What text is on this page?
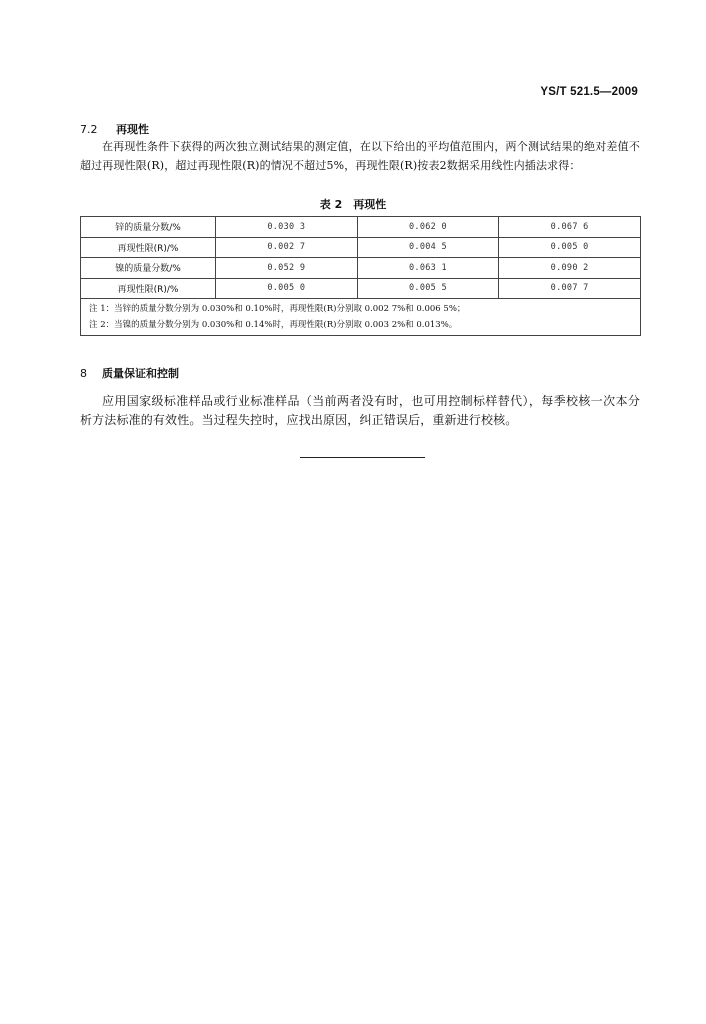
YS/T 521.5—2009
7.2 再现性
在再现性条件下获得的两次独立测试结果的测定值，在以下给出的平均值范围内，两个测试结果的绝对差值不超过再现性限(R)，超过再现性限(R)的情况不超过5%，再现性限(R)按表2数据采用线性内插法求得：
表 2　再现性
锌的质量分数/%	0.030 3	0.062 0	0.067 6
再现性限(R)/%	0.002 7	0.004 5	0.005 0
镍的质量分数/%	0.052 9	0.063 1	0.090 2
再现性限(R)/%	0.005 0	0.005 5	0.007 7

注 1：当锌的质量分数分别为 0.030%和 0.10%时，再现性限(R)分别取 0.002 7%和 0.006 5%；
注 2：当镍的质量分数分别为 0.030%和 0.14%时，再现性限(R)分别取 0.003 2%和 0.013%。			
8 质量保证和控制
应用国家级标准样品或行业标准样品（当前两者没有时，也可用控制标样替代），每季校核一次本分析方法标准的有效性。当过程失控时，应找出原因，纠正错误后，重新进行校核。
